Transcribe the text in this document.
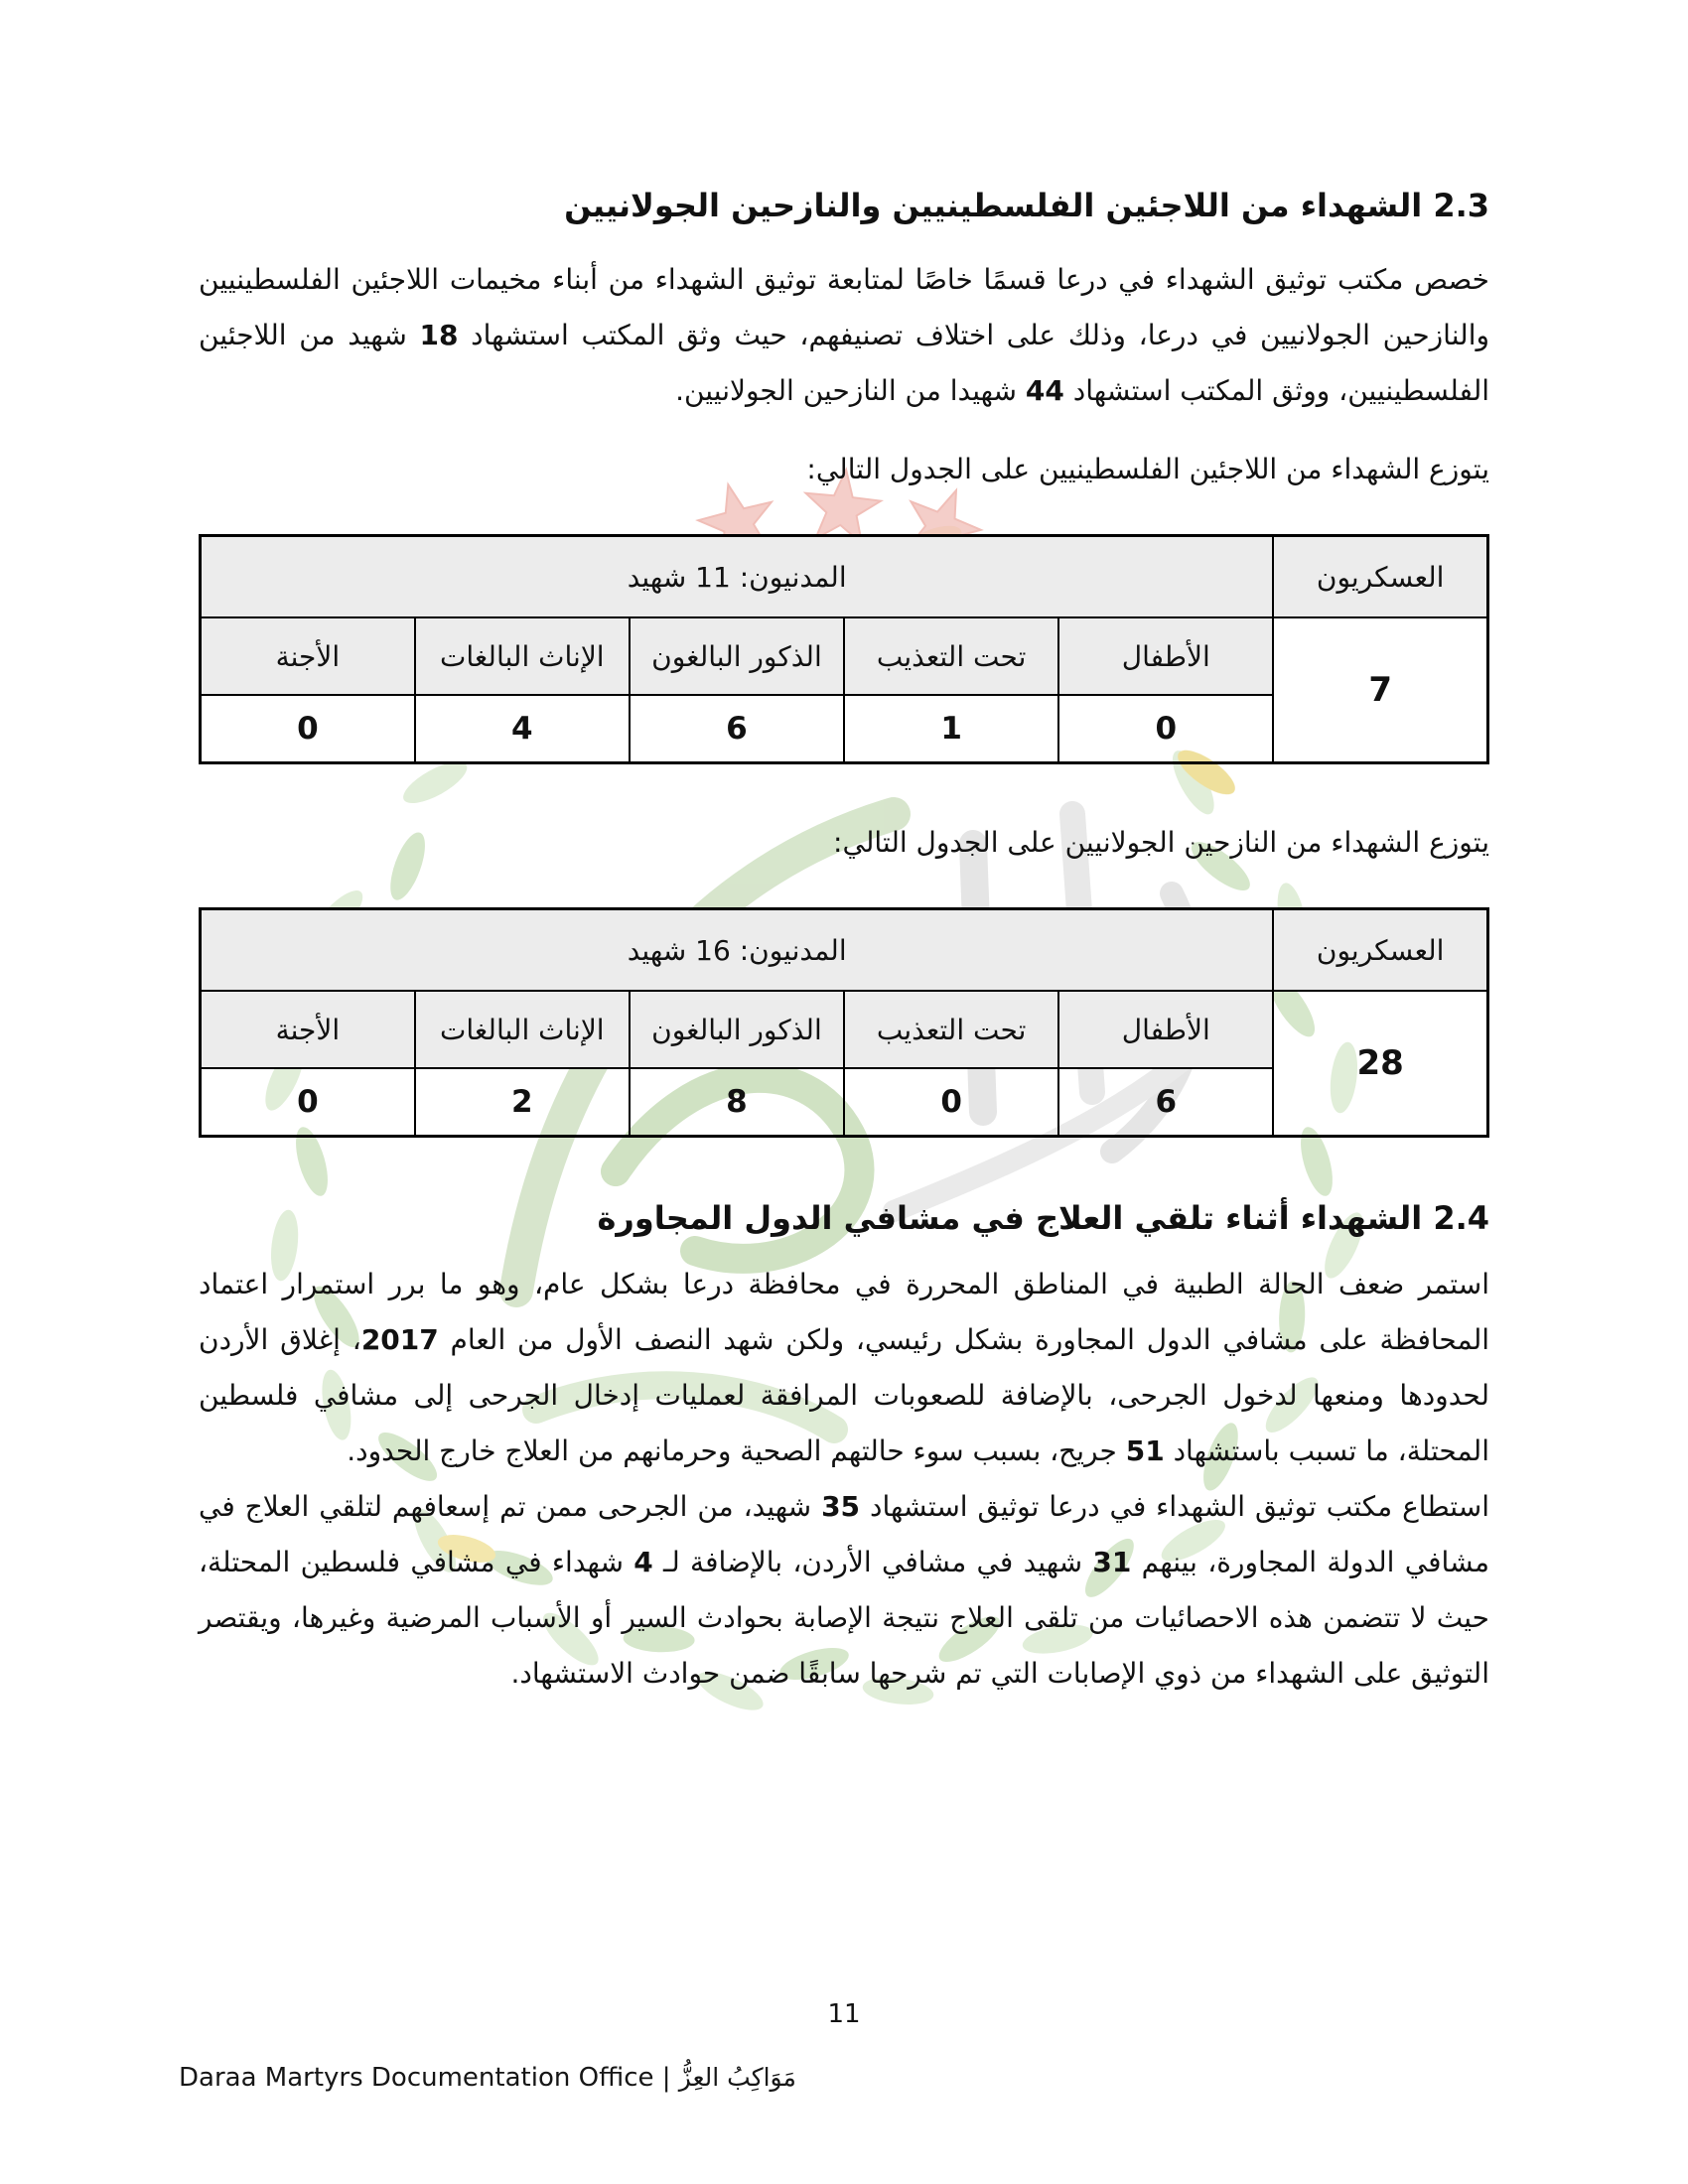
2.3 الشهداء من اللاجئين الفلسطينيين والنازحين الجولانيين

خصص مكتب توثيق الشهداء في درعا قسمًا خاصًا لمتابعة توثيق الشهداء من أبناء مخيمات اللاجئين الفلسطينيين والنازحين الجولانيين في درعا، وذلك على اختلاف تصنيفهم، حيث وثق المكتب استشهاد 18 شهيد من اللاجئين الفلسطينيين، ووثق المكتب استشهاد 44 شهيدا من النازحين الجولانيين.

يتوزع الشهداء من اللاجئين الفلسطينيين على الجدول التالي:

العسكريون	المدنيون: 11 شهيد				
7	الأطفال	تحت التعذيب	الذكور البالغون	الإناث البالغات	الأجنة
	0	1	6	4	0

يتوزع الشهداء من النازحين الجولانيين على الجدول التالي:

العسكريون	المدنيون: 16 شهيد				
28	الأطفال	تحت التعذيب	الذكور البالغون	الإناث البالغات	الأجنة
	6	0	8	2	0
2.4 الشهداء أثناء تلقي العلاج في مشافي الدول المجاورة

استمر ضعف الحالة الطبية في المناطق المحررة في محافظة درعا بشكل عام، وهو ما برر استمرار اعتماد المحافظة على مشافي الدول المجاورة بشكل رئيسي، ولكن شهد النصف الأول من العام 2017، إغلاق الأردن لحدودها ومنعها لدخول الجرحى، بالإضافة للصعوبات المرافقة لعمليات إدخال الجرحى إلى مشافي فلسطين المحتلة، ما تسبب باستشهاد 51 جريح، بسبب سوء حالتهم الصحية وحرمانهم من العلاج خارج الحدود.

استطاع مكتب توثيق الشهداء في درعا توثيق استشهاد 35 شهيد، من الجرحى ممن تم إسعافهم لتلقي العلاج في مشافي الدولة المجاورة، بينهم 31 شهيد في مشافي الأردن، بالإضافة لـ 4 شهداء في مشافي فلسطين المحتلة، حيث لا تتضمن هذه الاحصائيات من تلقى العلاج نتيجة الإصابة بحوادث السير أو الأسباب المرضية وغيرها، ويقتصر التوثيق على الشهداء من ذوي الإصابات التي تم شرحها سابقًا ضمن حوادث الاستشهاد.

11
Daraa Martyrs Documentation Office | مَوَاكِبُ العِزُّ
